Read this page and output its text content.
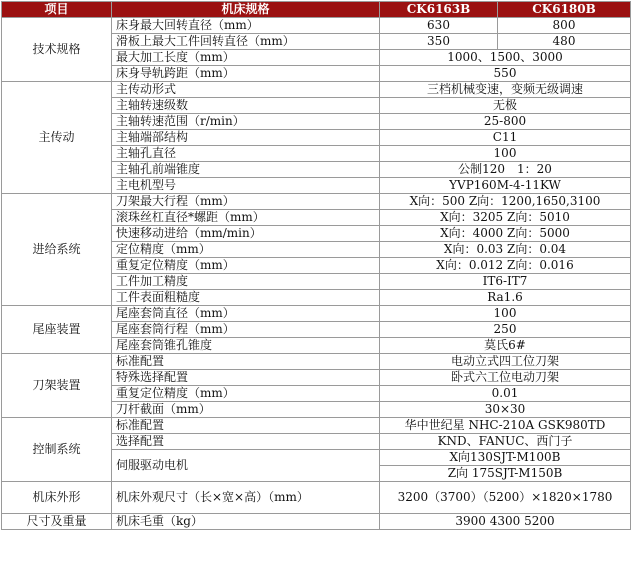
项目	机床规格	CK6163B	CK6180B
技术规格	床身最大回转直径（mm）	630	800
	滑板上最大工件回转直径（mm）	350	480
	最大加工长度（mm）	1000、1500、3000	
	床身导轨跨距（mm）	550	
主传动	主传动形式	三档机械变速，变频无级调速	
	主轴转速级数	无极	
	主轴转速范围（r/min）	25-800	
	主轴端部结构	C11	
	主轴孔直径	100	
	主轴孔前端锥度	公制120　1：20	
	主电机型号	YVP160M-4-11KW	
进给系统	刀架最大行程（mm）	X向：500 Z向：1200,1650,3100	
	滚珠丝杠直径*螺距（mm）	X向：3205 Z向：5010	
	快速移动进给（mm/min）	X向：4000 Z向：5000	
	定位精度（mm）	X向：0.03 Z向：0.04	
	重复定位精度（mm）	X向：0.012 Z向：0.016	
	工件加工精度	IT6-IT7	
	工件表面粗糙度	Ra1.6	
尾座装置	尾座套筒直径（mm）	100	
	尾座套筒行程（mm）	250	
	尾座套筒锥孔锥度	莫氏6#	
刀架装置	标准配置	电动立式四工位刀架	
	特殊选择配置	卧式六工位电动刀架	
	重复定位精度（mm）	0.01	
	刀杆截面（mm）	30×30	
控制系统	标准配置	华中世纪星 NHC-210A GSK980TD	
	选择配置	KND、FANUC、西门子	
	伺服驱动电机	X向130SJT-M100B	
		Z向 175SJT-M150B	
机床外形	机床外观尺寸（长×宽×高）（mm）	3200（3700）（5200）×1820×1780	
尺寸及重量	机床毛重（kg）	3900 4300 5200	
